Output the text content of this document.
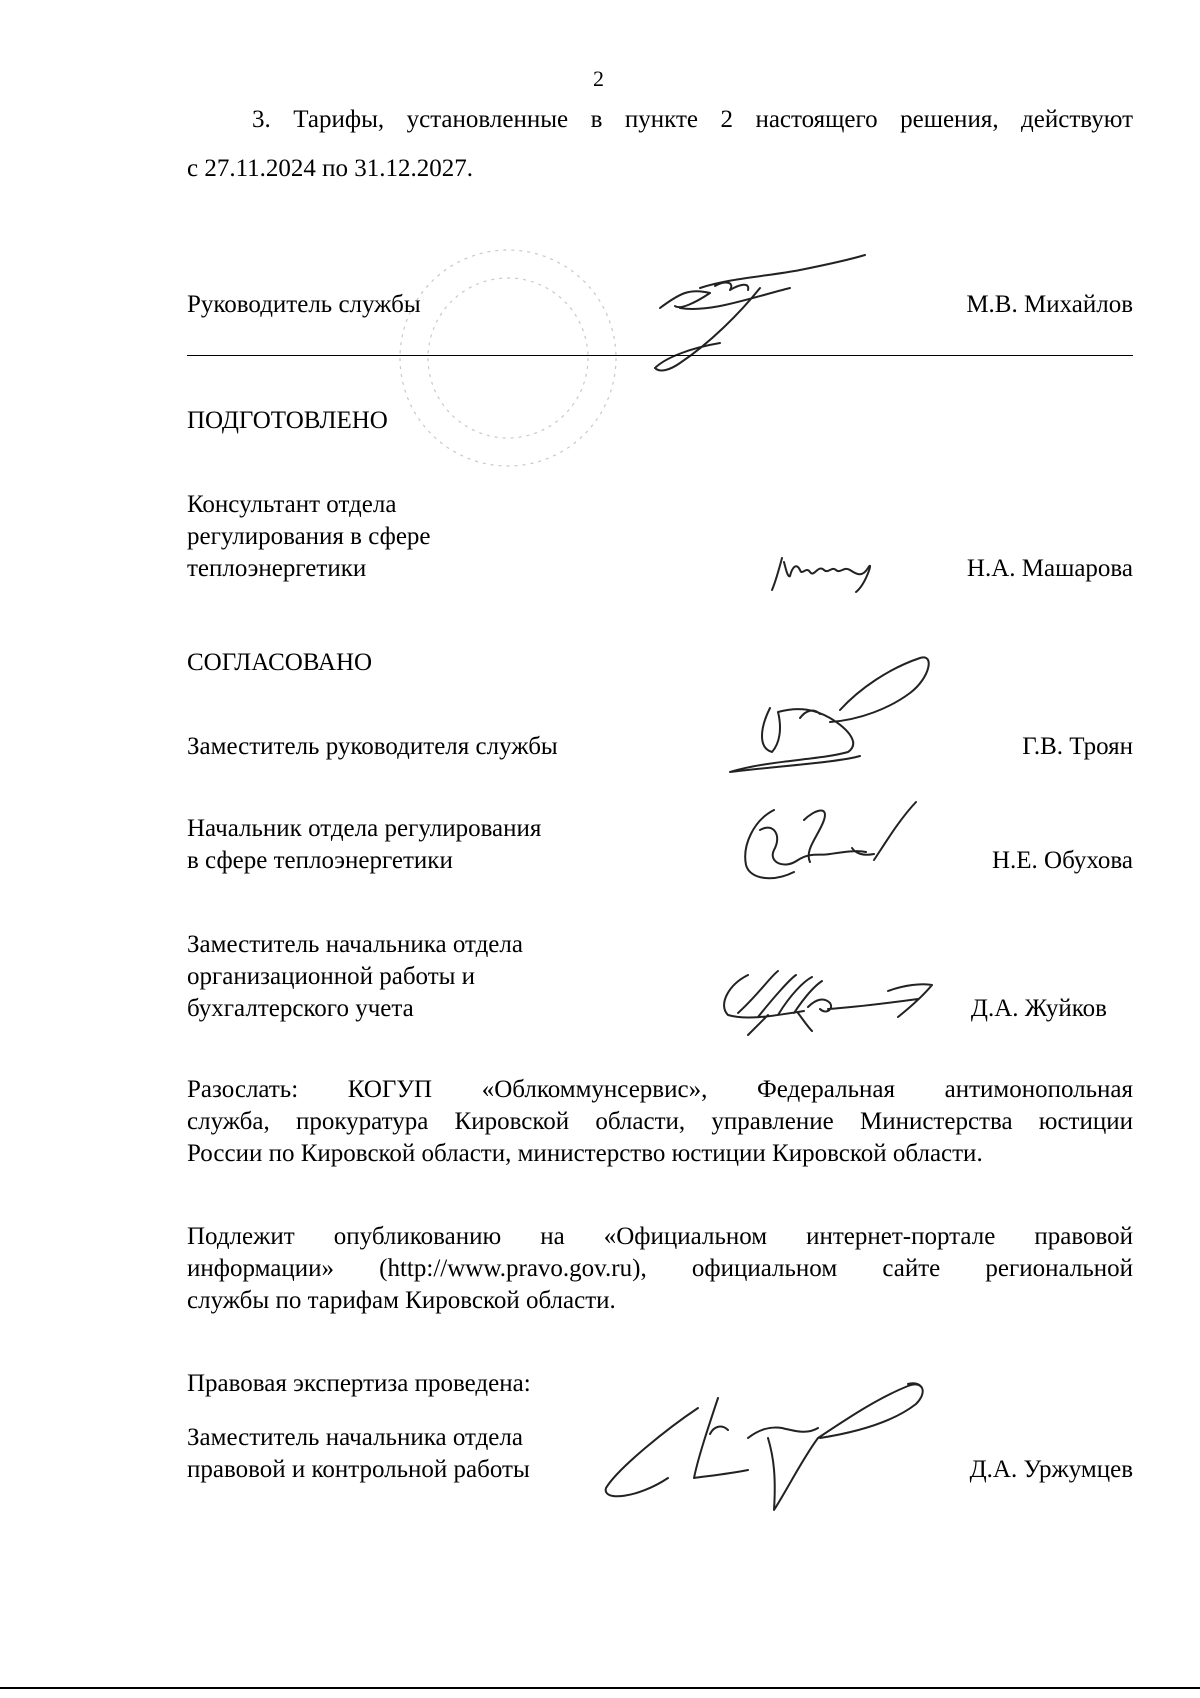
2
3. Тарифы, установленные в пункте 2 настоящего решения, действуют
с 27.11.2024 по 31.12.2027.
Руководитель службы	М.В. Михайлов
ПОДГОТОВЛЕНО
Консультант отдела
регулирования в сфере
теплоэнергетики	Н.А. Машарова
СОГЛАСОВАНО
Заместитель руководителя службы	Г.В. Троян
Начальник отдела регулирования
в сфере теплоэнергетики	Н.Е. Обухова
Заместитель начальника отдела
организационной работы и
бухгалтерского учета	Д.А. Жуйков
Разослать: КОГУП «Облкоммунсервис», Федеральная антимонопольная
служба, прокуратура Кировской области, управление Министерства юстиции
России по Кировской области, министерство юстиции Кировской области.
Подлежит опубликованию на «Официальном интернет-портале правовой
информации» (http://www.pravo.gov.ru), официальном сайте региональной
службы по тарифам Кировской области.
Правовая экспертиза проведена:
Заместитель начальника отдела
правовой и контрольной работы	Д.А. Уржумцев
